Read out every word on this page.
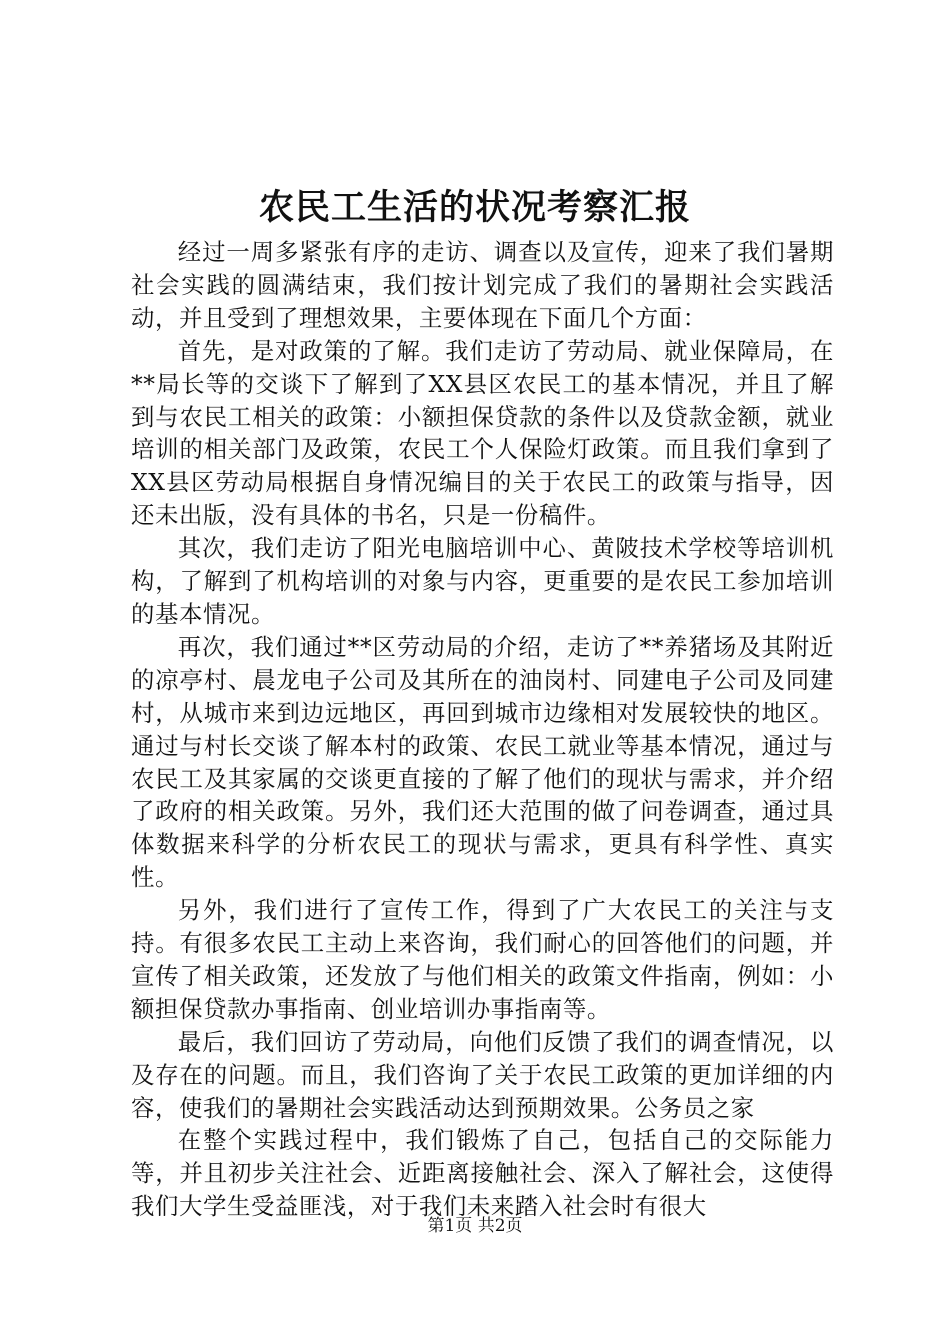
农民工生活的状况考察汇报

经过一周多紧张有序的走访、调查以及宣传，迎来了我们暑期社会实践的圆满结束，我们按计划完成了我们的暑期社会实践活动，并且受到了理想效果，主要体现在下面几个方面：

首先，是对政策的了解。我们走访了劳动局、就业保障局，在**局长等的交谈下了解到了XX县区农民工的基本情况，并且了解到与农民工相关的政策：小额担保贷款的条件以及贷款金额，就业培训的相关部门及政策，农民工个人保险灯政策。而且我们拿到了XX县区劳动局根据自身情况编目的关于农民工的政策与指导，因还未出版，没有具体的书名，只是一份稿件。

其次，我们走访了阳光电脑培训中心、黄陂技术学校等培训机构，了解到了机构培训的对象与内容，更重要的是农民工参加培训的基本情况。

再次，我们通过**区劳动局的介绍，走访了**养猪场及其附近的凉亭村、晨龙电子公司及其所在的油岗村、同建电子公司及同建村，从城市来到边远地区，再回到城市边缘相对发展较快的地区。通过与村长交谈了解本村的政策、农民工就业等基本情况，通过与农民工及其家属的交谈更直接的了解了他们的现状与需求，并介绍了政府的相关政策。另外，我们还大范围的做了问卷调查，通过具体数据来科学的分析农民工的现状与需求，更具有科学性、真实性。

另外，我们进行了宣传工作，得到了广大农民工的关注与支持。有很多农民工主动上来咨询，我们耐心的回答他们的问题，并宣传了相关政策，还发放了与他们相关的政策文件指南，例如：小额担保贷款办事指南、创业培训办事指南等。

最后，我们回访了劳动局，向他们反馈了我们的调查情况，以及存在的问题。而且，我们咨询了关于农民工政策的更加详细的内容，使我们的暑期社会实践活动达到预期效果。公务员之家

在整个实践过程中，我们锻炼了自己，包括自己的交际能力等，并且初步关注社会、近距离接触社会、深入了解社会，这使得我们大学生受益匪浅，对于我们未来踏入社会时有很大

第1页 共2页
